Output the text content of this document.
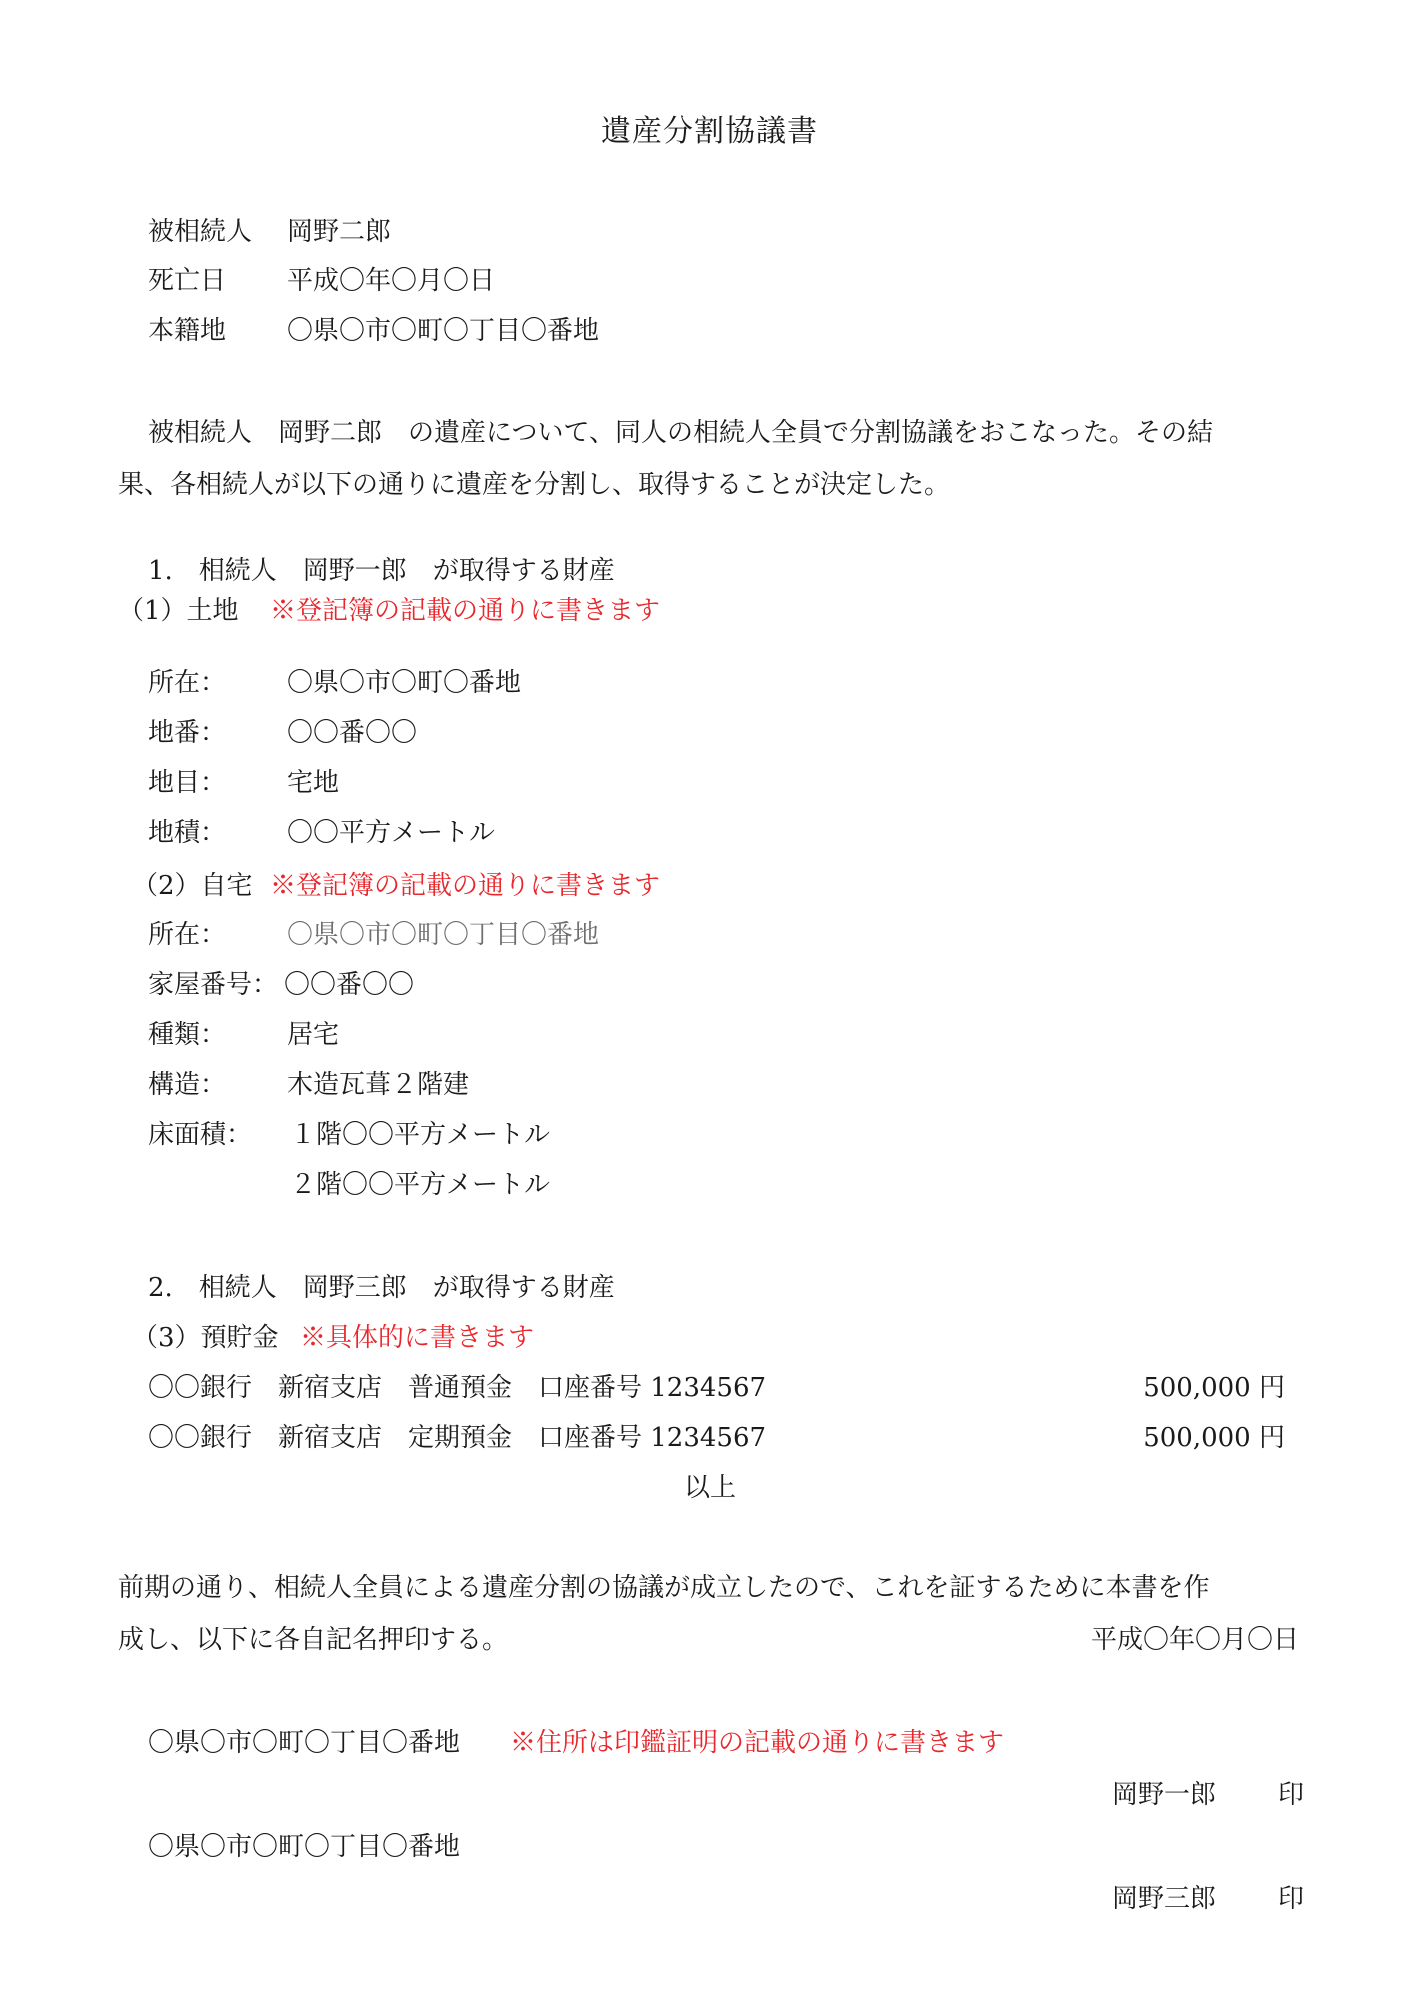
遺産分割協議書
被相続人 岡野二郎
死亡日 平成〇年〇月〇日
本籍地 〇県〇市〇町〇丁目〇番地
被相続人　岡野二郎　の遺産について、同人の相続人全員で分割協議をおこなった。その結
果、各相続人が以下の通りに遺産を分割し、取得することが決定した。
1.　相続人　岡野一郎　が取得する財産
（1）土地 ※登記簿の記載の通りに書きます
所在： 〇県〇市〇町〇番地
地番： 〇〇番〇〇
地目： 宅地
地積： 〇〇平方メートル
（2）自宅 ※登記簿の記載の通りに書きます
所在： 〇県〇市〇町〇丁目〇番地
家屋番号： 〇〇番〇〇
種類： 居宅
構造： 木造瓦葺２階建
床面積： １階〇〇平方メートル
２階〇〇平方メートル
2.　相続人　岡野三郎　が取得する財産
（3）預貯金 ※具体的に書きます
〇〇銀行　新宿支店　普通預金　口座番号 1234567	500,000 円
〇〇銀行　新宿支店　定期預金　口座番号 1234567	500,000 円
以上
前期の通り、相続人全員による遺産分割の協議が成立したので、これを証するために本書を作
成し、以下に各自記名押印する。	平成〇年〇月〇日
〇県〇市〇町〇丁目〇番地 ※住所は印鑑証明の記載の通りに書きます
岡野一郎 印
〇県〇市〇町〇丁目〇番地
岡野三郎 印
